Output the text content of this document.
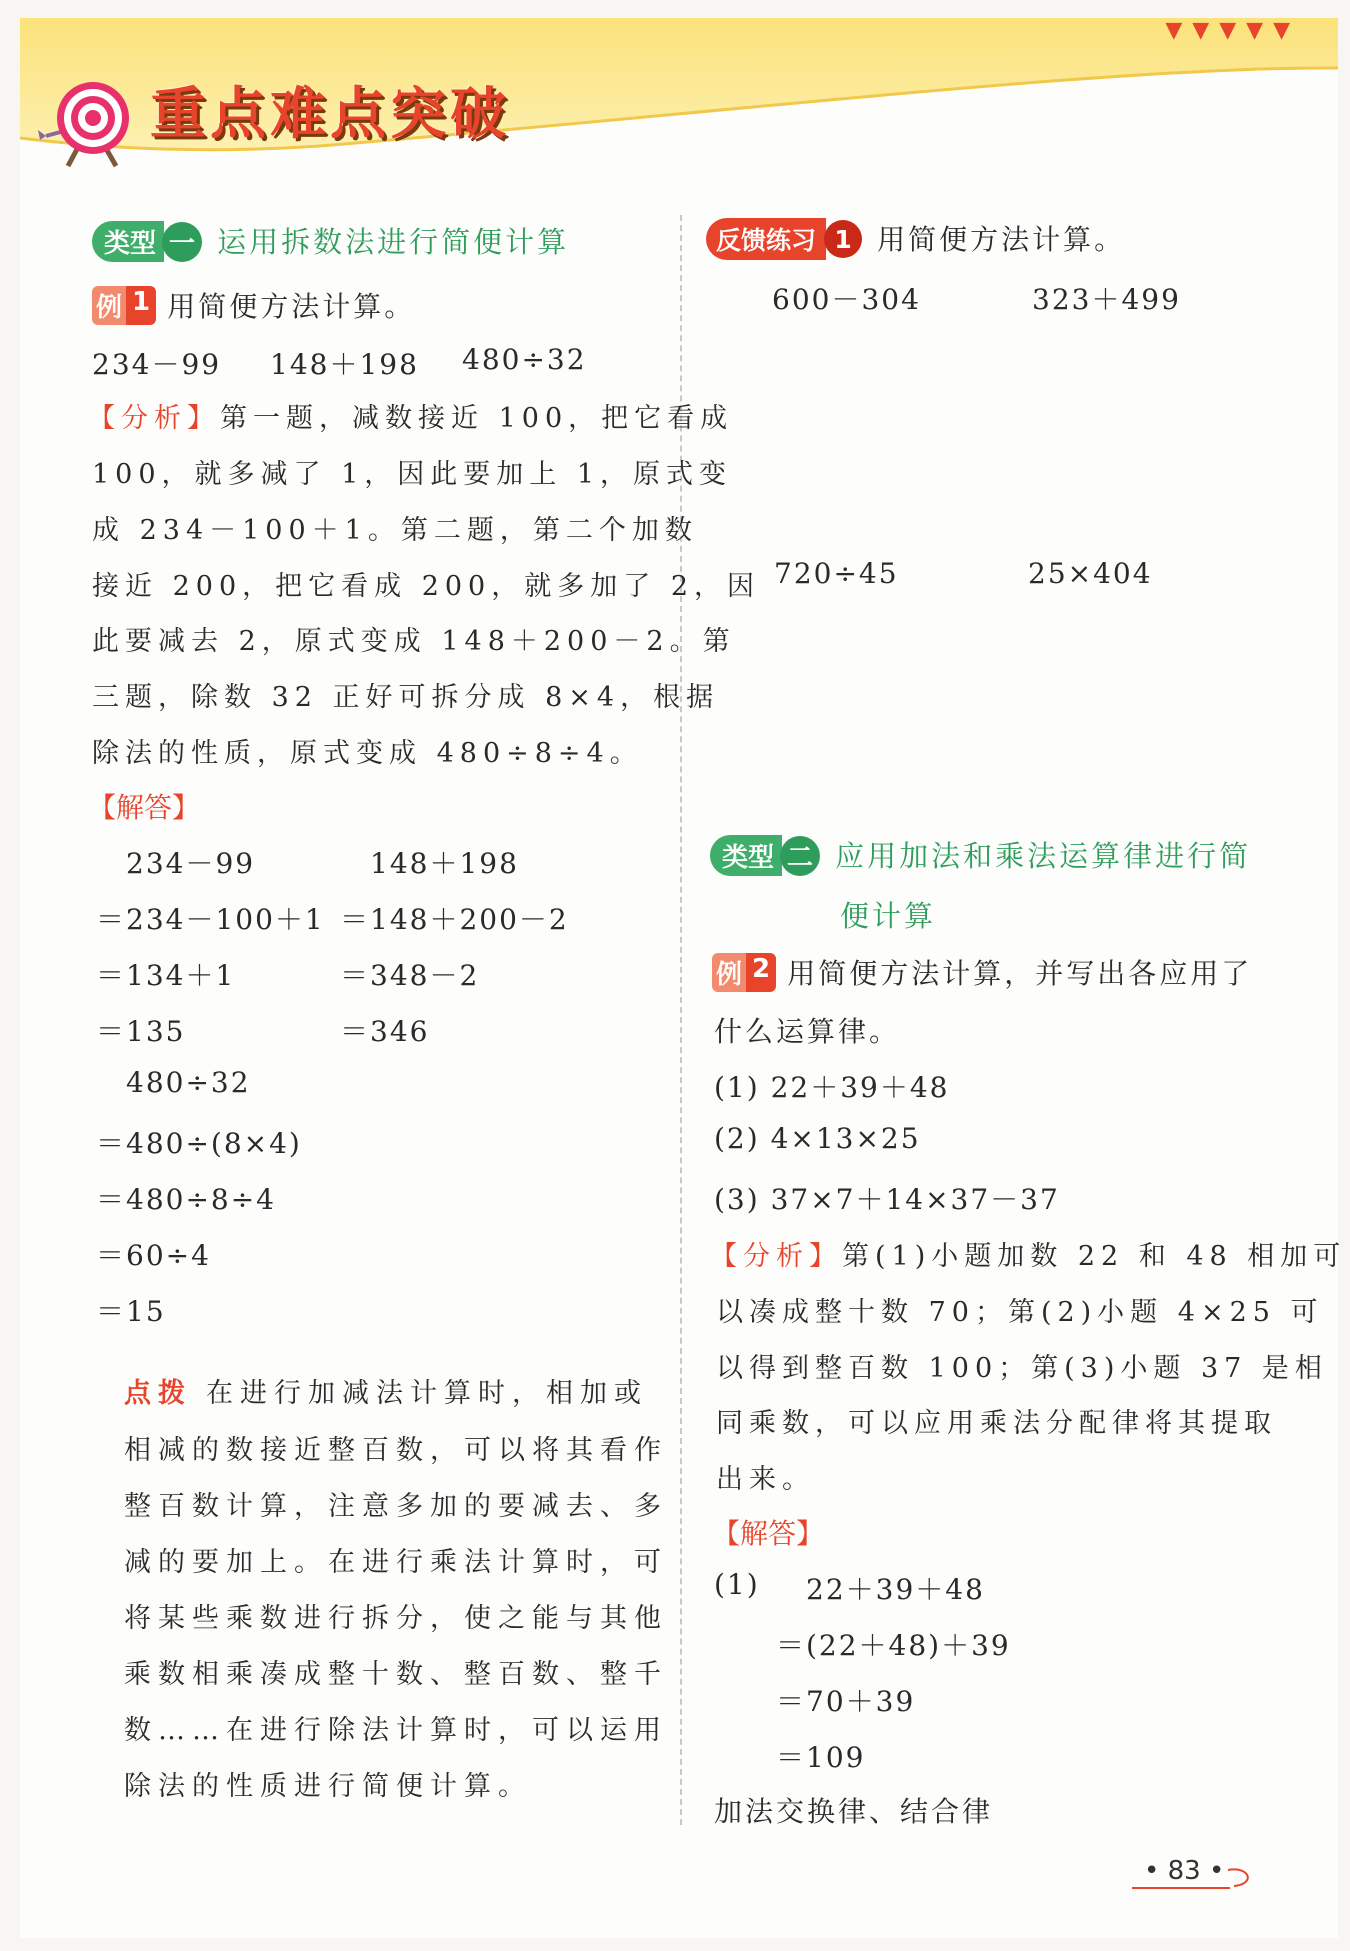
重点难点突破
▼▼▼▼▼
类型 一 运用拆数法进行简便计算
例 1 用简便方法计算。
234－99 148＋198 480÷32
【分析】第一题，减数接近 100，把它看成
100，就多减了 1，因此要加上 1，原式变
成 234－100＋1。第二题，第二个加数
接近 200，把它看成 200，就多加了 2，因
此要减去 2，原式变成 148＋200－2。第
三题，除数 32 正好可拆分成 8×4，根据
除法的性质，原式变成 480÷8÷4。
【解答】
234－99
＝234－100＋1
＝134＋1
＝135
148＋198
＝148＋200－2
＝348－2
＝346
480÷32
＝480÷(8×4)
＝480÷8÷4
＝60÷4
＝15
点拨 在进行加减法计算时，相加或
相减的数接近整百数，可以将其看作
整百数计算，注意多加的要减去、多
减的要加上。在进行乘法计算时，可
将某些乘数进行拆分，使之能与其他
乘数相乘凑成整十数、整百数、整千
数……在进行除法计算时，可以运用
除法的性质进行简便计算。
反馈练习 1 用简便方法计算。
600－304	323＋499
720÷45	25×404
类型 二 应用加法和乘法运算律进行简
便计算
例 2 用简便方法计算，并写出各应用了
什么运算律。
(1) 22＋39＋48
(2) 4×13×25
(3) 37×7＋14×37－37
【分析】第(1)小题加数 22 和 48 相加可
以凑成整十数 70；第(2)小题 4×25 可
以得到整百数 100；第(3)小题 37 是相
同乘数，可以应用乘法分配律将其提取
出来。
【解答】
(1) 22＋39＋48
＝(22＋48)＋39
＝70＋39
＝109
加法交换律、结合律
• 83 •
